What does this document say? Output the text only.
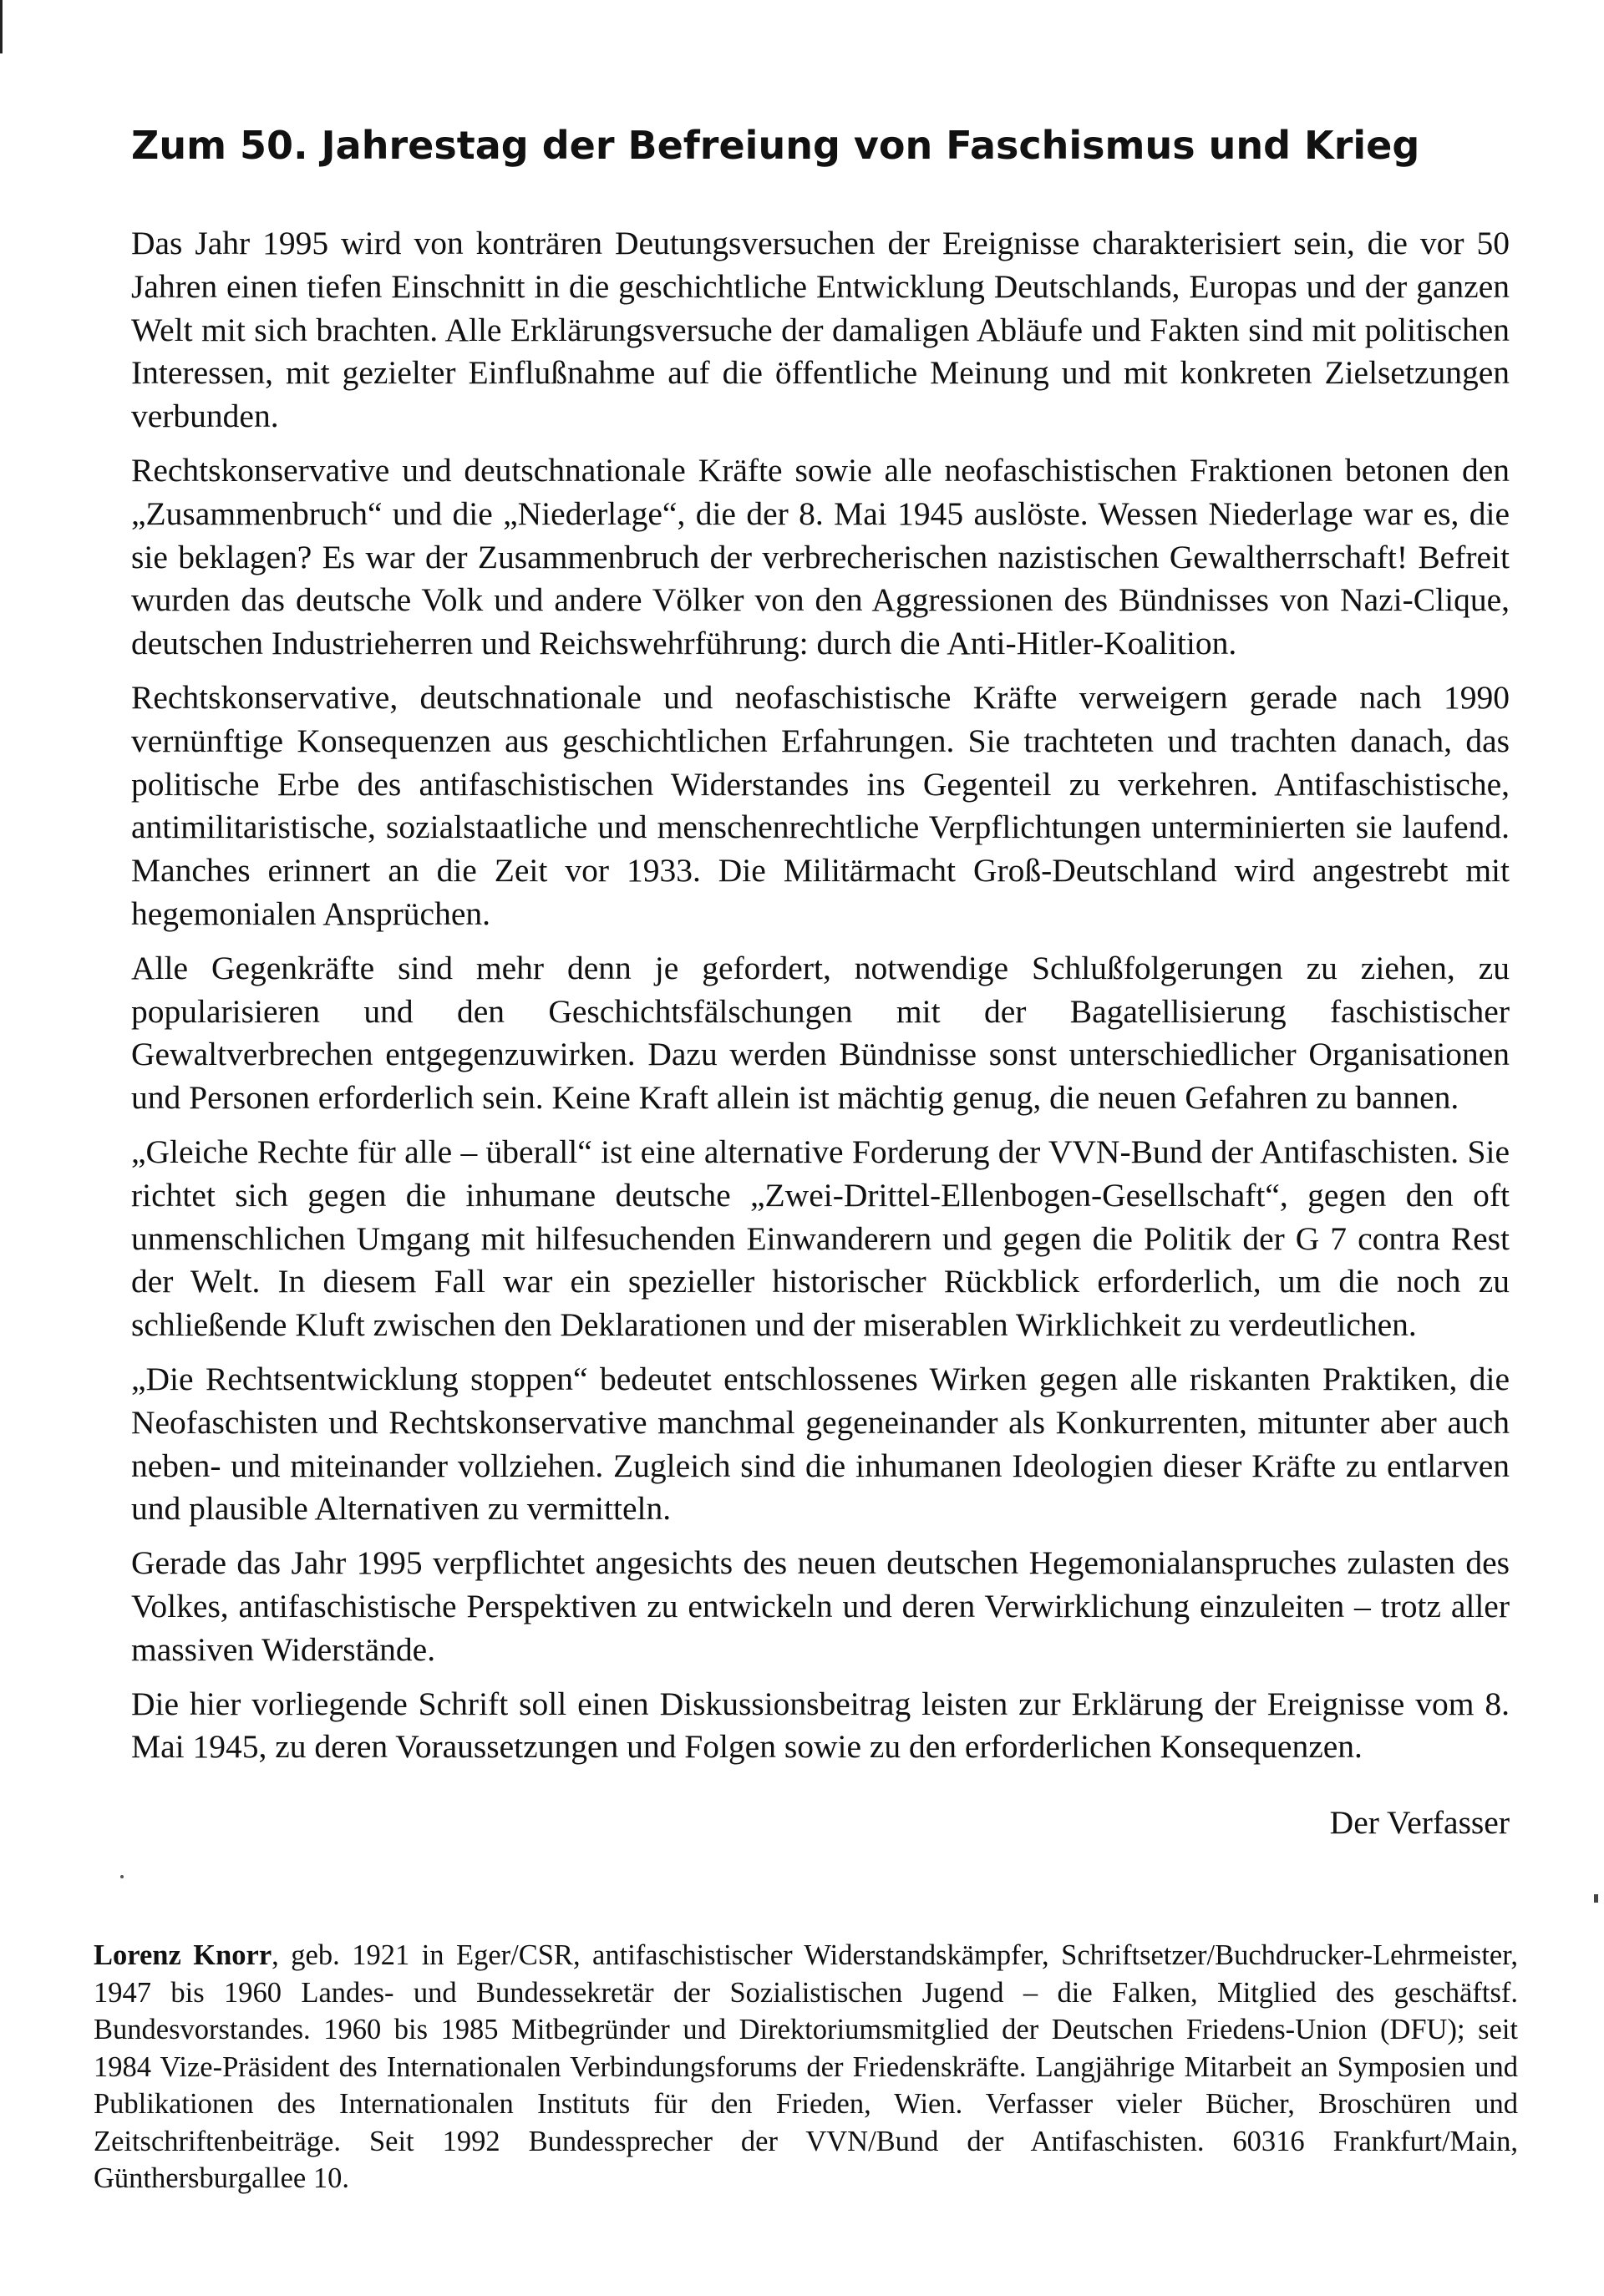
Zum 50. Jahrestag der Befreiung von Faschismus und Krieg

Das Jahr 1995 wird von konträren Deutungsversuchen der Ereignisse charakterisiert sein, die vor 50 Jahren einen tiefen Einschnitt in die geschichtliche Entwicklung Deutschlands, Europas und der ganzen Welt mit sich brachten. Alle Erklärungsversuche der damaligen Abläufe und Fakten sind mit politischen Interessen, mit gezielter Einflußnahme auf die öffentliche Meinung und mit konkreten Zielsetzungen verbunden.

Rechtskonservative und deutschnationale Kräfte sowie alle neofaschistischen Fraktionen betonen den „Zusammenbruch“ und die „Niederlage“, die der 8. Mai 1945 auslöste. Wessen Niederlage war es, die sie beklagen? Es war der Zusammenbruch der verbrecherischen nazistischen Gewaltherrschaft! Befreit wurden das deutsche Volk und andere Völker von den Aggressionen des Bündnisses von Nazi-Clique, deutschen Industrieherren und Reichswehrführung: durch die Anti-Hitler-Koalition.

Rechtskonservative, deutschnationale und neofaschistische Kräfte verweigern gerade nach 1990 vernünftige Konsequenzen aus geschichtlichen Erfahrungen. Sie trachteten und trachten danach, das politische Erbe des antifaschistischen Widerstandes ins Gegenteil zu verkehren. Antifaschistische, antimilitaristische, sozialstaatliche und menschenrechtliche Verpflichtungen unterminierten sie laufend. Manches erinnert an die Zeit vor 1933. Die Militärmacht Groß-Deutschland wird angestrebt mit hegemonialen Ansprüchen.

Alle Gegenkräfte sind mehr denn je gefordert, notwendige Schlußfolgerungen zu ziehen, zu popularisieren und den Geschichtsfälschungen mit der Bagatellisierung faschistischer Gewaltverbrechen entgegenzuwirken. Dazu werden Bündnisse sonst unterschiedlicher Organisationen und Personen erforderlich sein. Keine Kraft allein ist mächtig genug, die neuen Gefahren zu bannen.

„Gleiche Rechte für alle – überall“ ist eine alternative Forderung der VVN-Bund der Antifaschisten. Sie richtet sich gegen die inhumane deutsche „Zwei-Drittel-Ellenbogen-Gesellschaft“, gegen den oft unmenschlichen Umgang mit hilfesuchenden Einwanderern und gegen die Politik der G 7 contra Rest der Welt. In diesem Fall war ein spezieller historischer Rückblick erforderlich, um die noch zu schließende Kluft zwischen den Deklarationen und der miserablen Wirklichkeit zu verdeutlichen.

„Die Rechtsentwicklung stoppen“ bedeutet entschlossenes Wirken gegen alle riskanten Praktiken, die Neofaschisten und Rechtskonservative manchmal gegeneinander als Konkurrenten, mitunter aber auch neben- und miteinander vollziehen. Zugleich sind die inhumanen Ideologien dieser Kräfte zu entlarven und plausible Alternativen zu vermitteln.

Gerade das Jahr 1995 verpflichtet angesichts des neuen deutschen Hegemonialanspruches zulasten des Volkes, antifaschistische Perspektiven zu entwickeln und deren Verwirklichung einzuleiten – trotz aller massiven Widerstände.

Die hier vorliegende Schrift soll einen Diskussionsbeitrag leisten zur Erklärung der Ereignisse vom 8. Mai 1945, zu deren Voraussetzungen und Folgen sowie zu den erforderlichen Konsequenzen.

Der Verfasser

Lorenz Knorr, geb. 1921 in Eger/CSR, antifaschistischer Widerstandskämpfer, Schriftsetzer/Buchdrucker-Lehrmeister, 1947 bis 1960 Landes- und Bundessekretär der Sozialistischen Jugend – die Falken, Mitglied des geschäftsf. Bundesvorstandes. 1960 bis 1985 Mitbegründer und Direktoriumsmitglied der Deutschen Friedens-Union (DFU); seit 1984 Vize-Präsident des Internationalen Verbindungsforums der Friedenskräfte. Langjährige Mitarbeit an Symposien und Publikationen des Internationalen Instituts für den Frieden, Wien. Verfasser vieler Bücher, Broschüren und Zeitschriftenbeiträge. Seit 1992 Bundessprecher der VVN/Bund der Antifaschisten. 60316 Frankfurt/Main, Günthersburgallee 10.
